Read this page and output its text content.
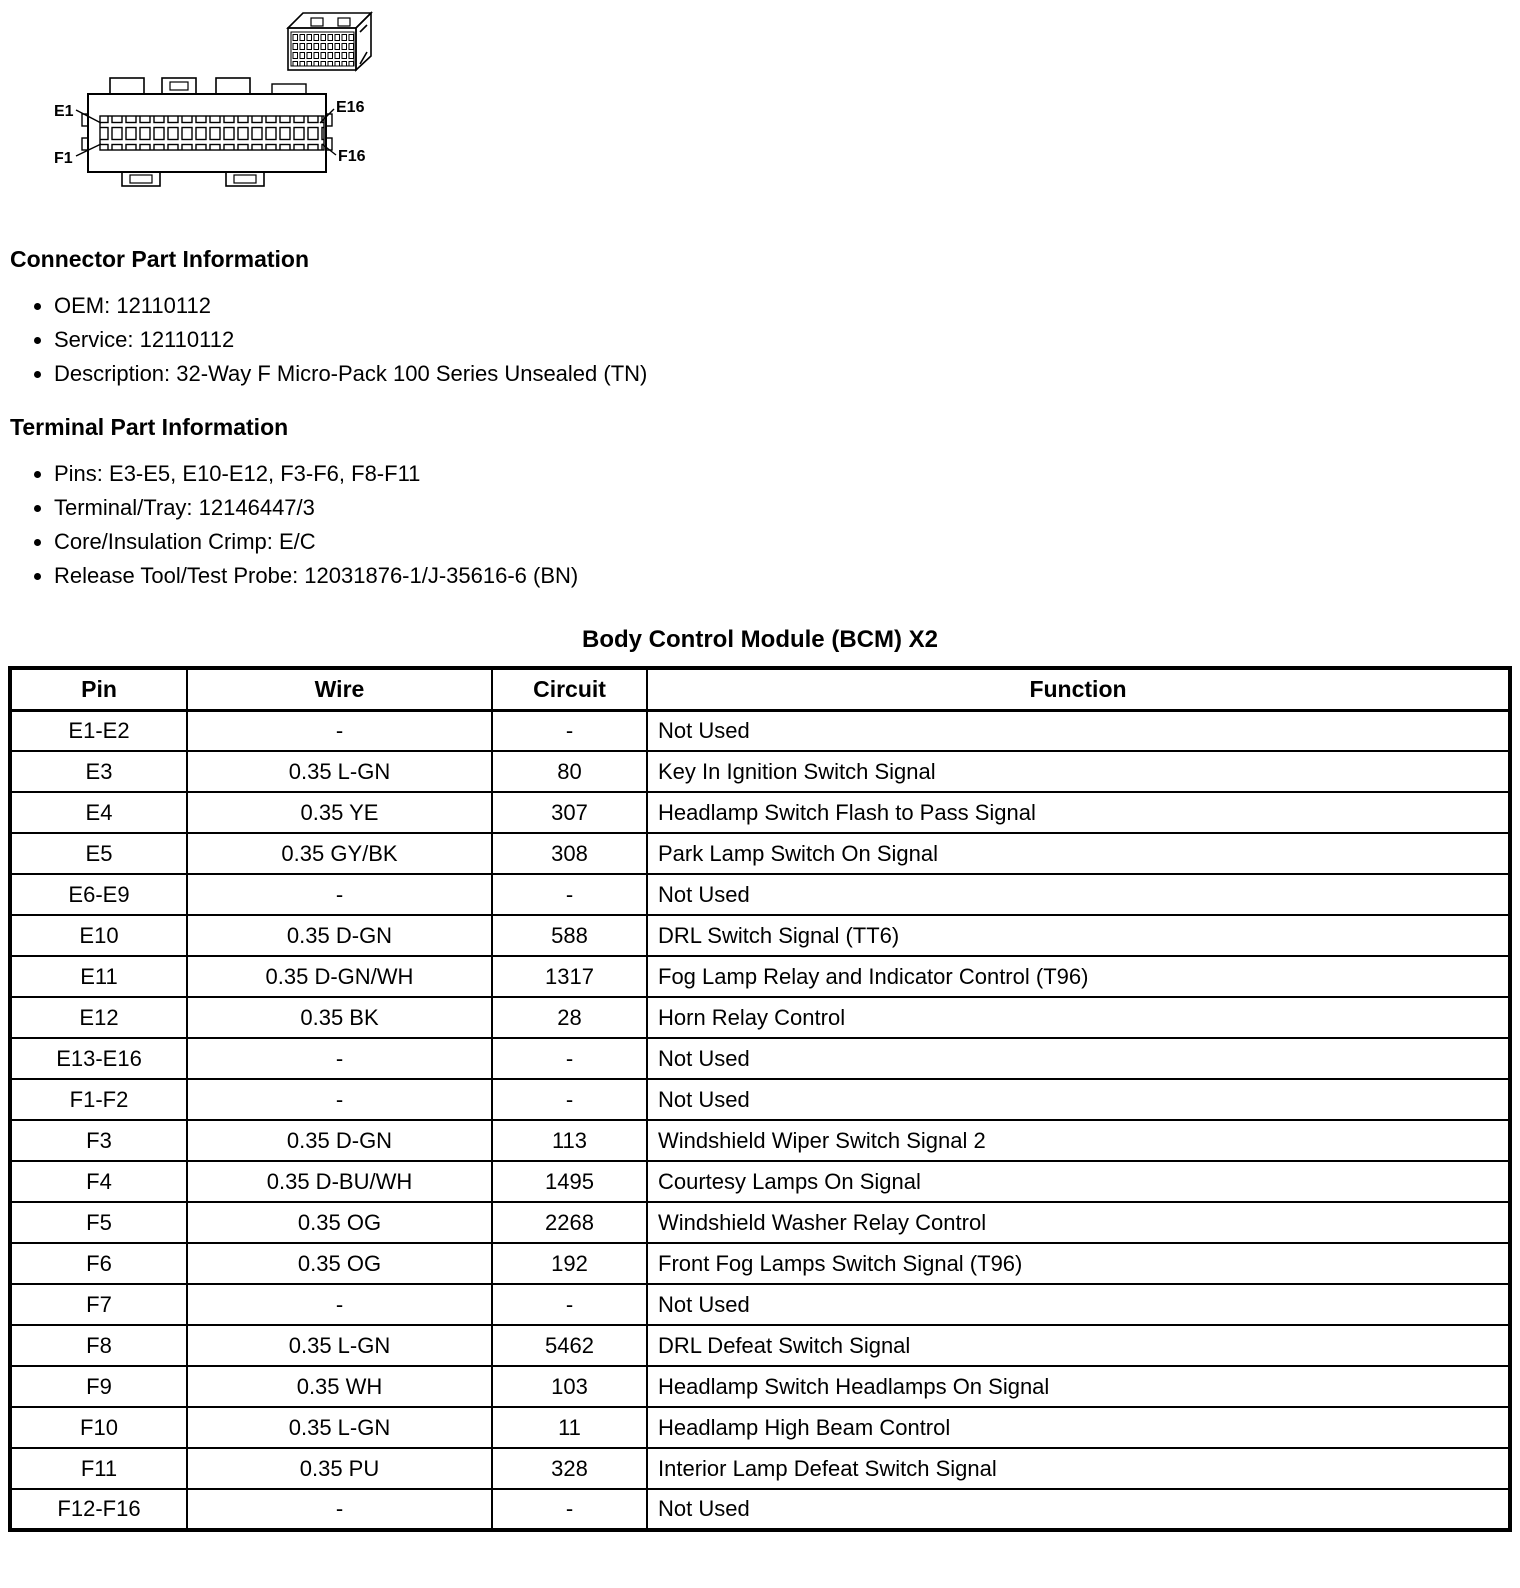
E1	E16
F1	F16
Connector Part Information
• OEM: 12110112
• Service: 12110112
• Description: 32-Way F Micro-Pack 100 Series Unsealed (TN)
Terminal Part Information
• Pins: E3-E5, E10-E12, F3-F6, F8-F11
• Terminal/Tray: 12146447/3
• Core/Insulation Crimp: E/C
• Release Tool/Test Probe: 12031876-1/J-35616-6 (BN)
Body Control Module (BCM) X2
Pin	Wire	Circuit	Function
E1-E2	-	-	Not Used
E3	0.35 L-GN	80	Key In Ignition Switch Signal
E4	0.35 YE	307	Headlamp Switch Flash to Pass Signal
E5	0.35 GY/BK	308	Park Lamp Switch On Signal
E6-E9	-	-	Not Used
E10	0.35 D-GN	588	DRL Switch Signal (TT6)
E11	0.35 D-GN/WH	1317	Fog Lamp Relay and Indicator Control (T96)
E12	0.35 BK	28	Horn Relay Control
E13-E16	-	-	Not Used
F1-F2	-	-	Not Used
F3	0.35 D-GN	113	Windshield Wiper Switch Signal 2
F4	0.35 D-BU/WH	1495	Courtesy Lamps On Signal
F5	0.35 OG	2268	Windshield Washer Relay Control
F6	0.35 OG	192	Front Fog Lamps Switch Signal (T96)
F7	-	-	Not Used
F8	0.35 L-GN	5462	DRL Defeat Switch Signal
F9	0.35 WH	103	Headlamp Switch Headlamps On Signal
F10	0.35 L-GN	11	Headlamp High Beam Control
F11	0.35 PU	328	Interior Lamp Defeat Switch Signal
F12-F16	-	-	Not Used
